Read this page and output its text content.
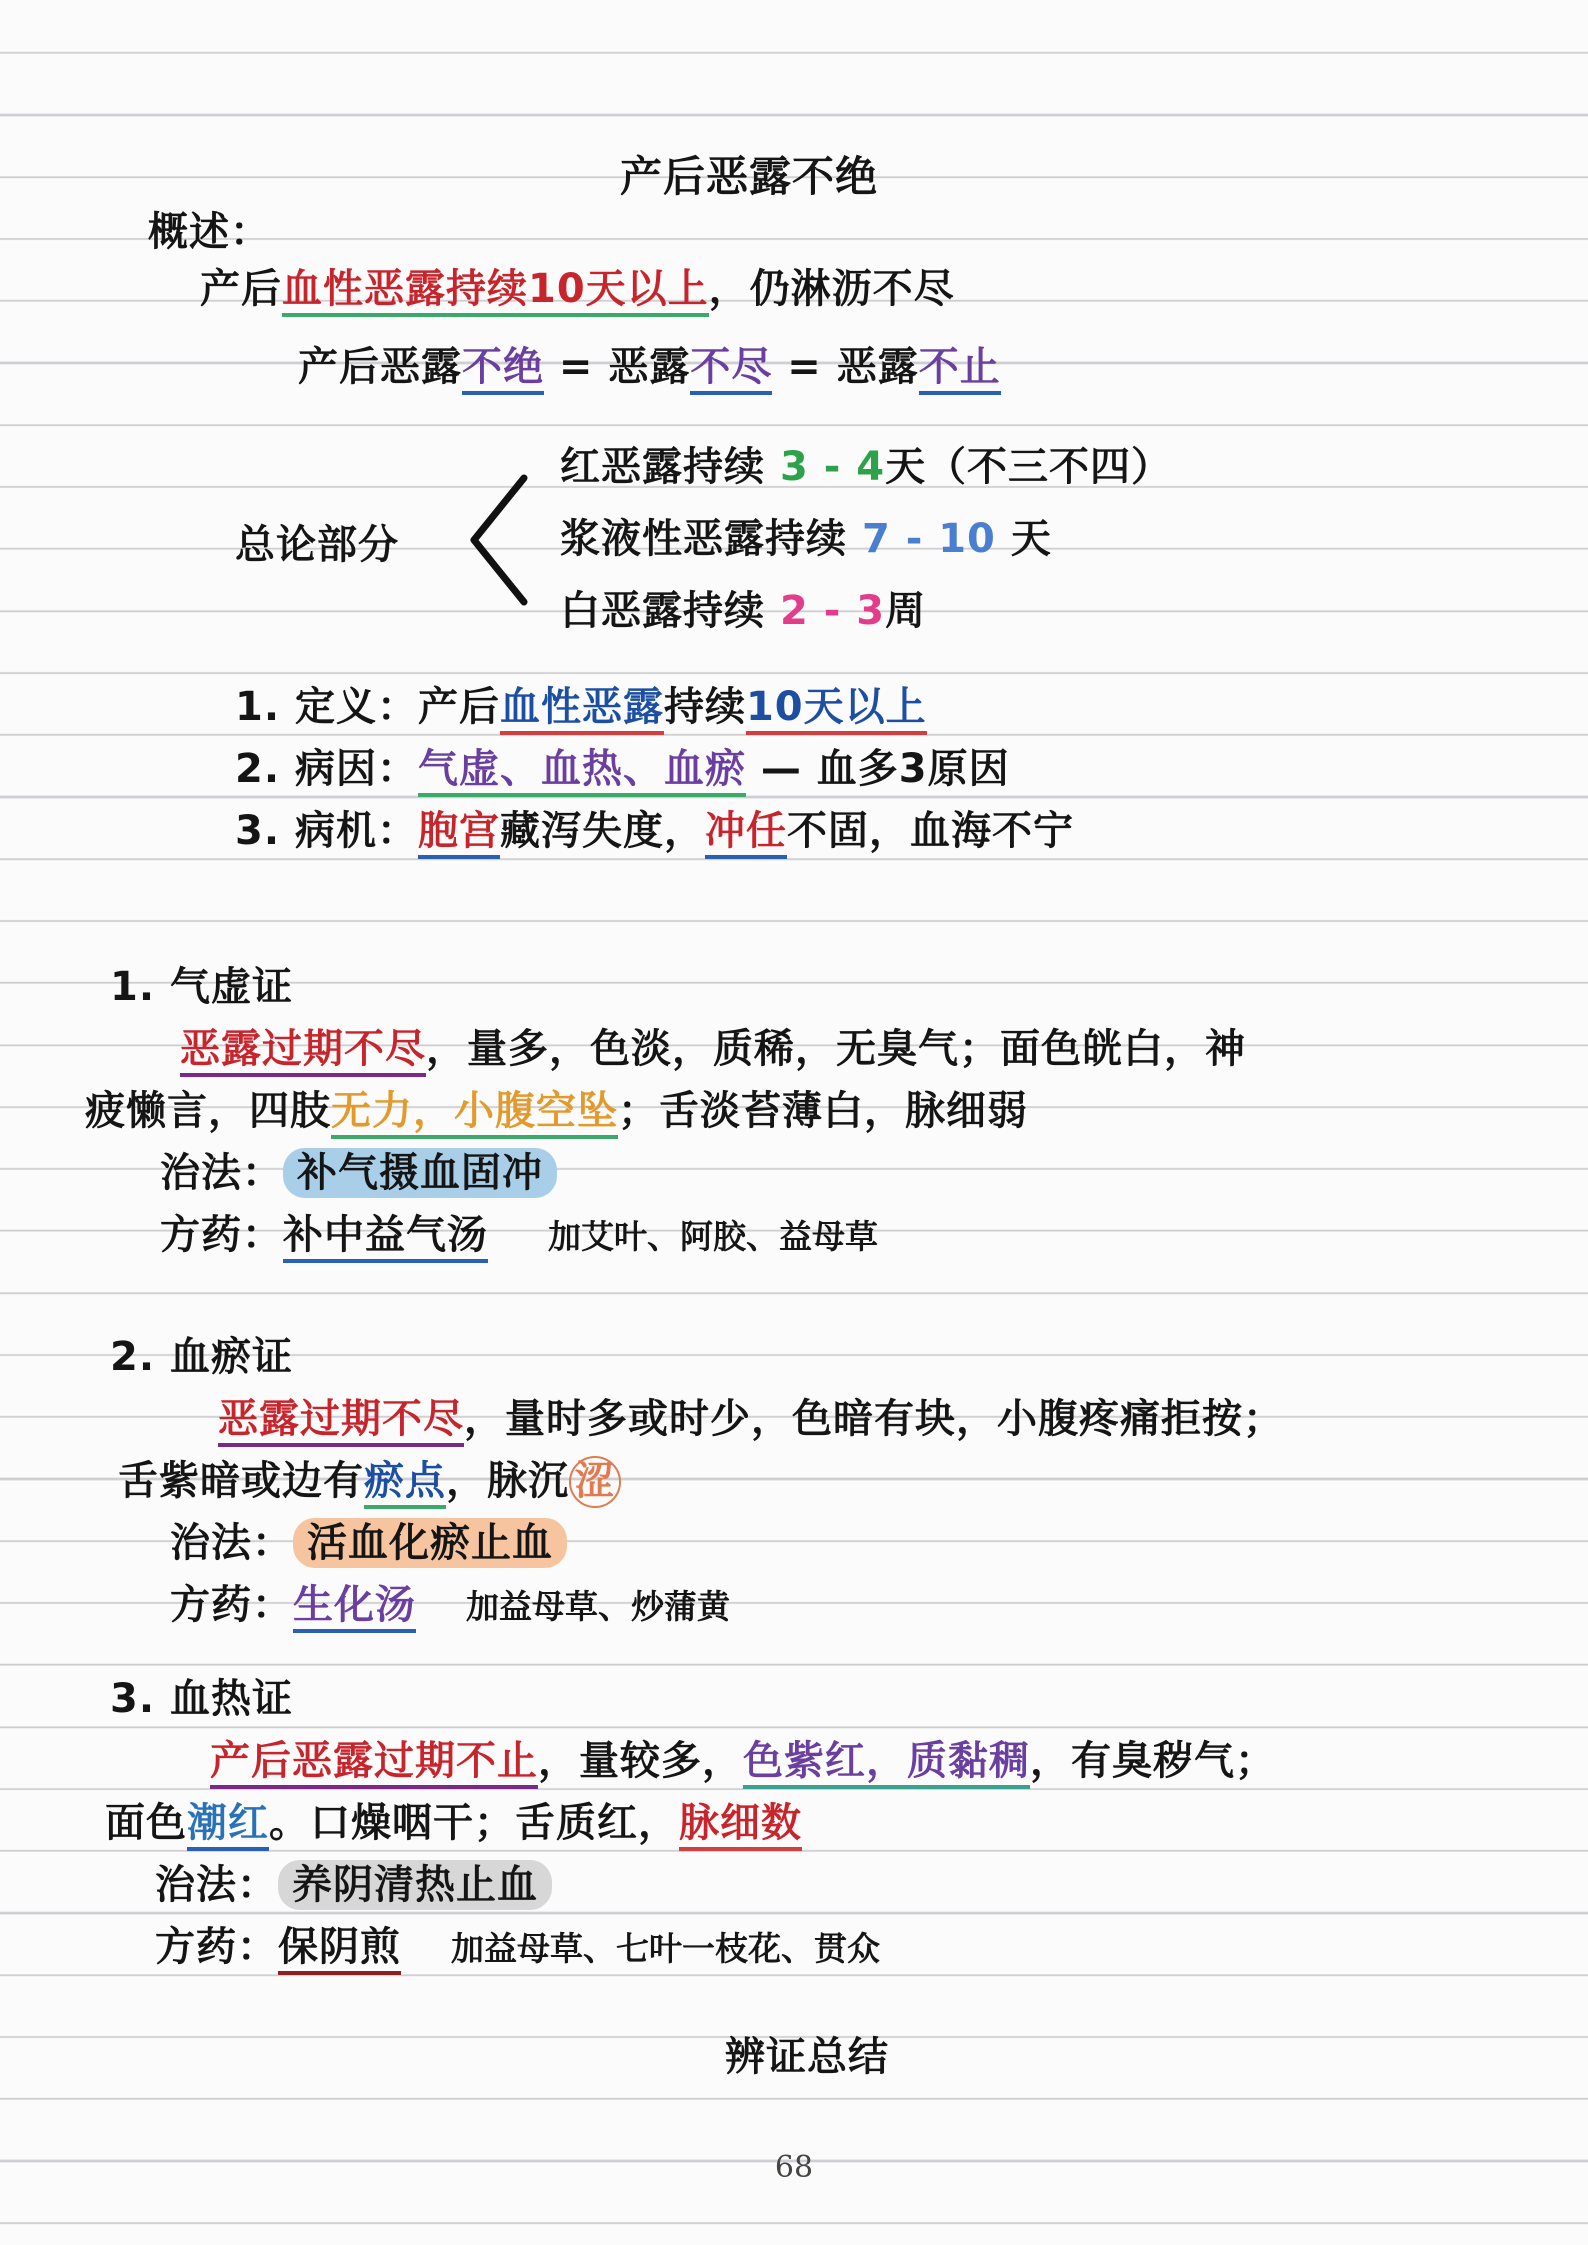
产后恶露不绝
概述：
产后血性恶露持续10天以上，仍淋沥不尽
产后恶露不绝 = 恶露不尽 = 恶露不止
总论部分
红恶露持续 3 - 4天（不三不四）
浆液性恶露持续 7 - 10 天
白恶露持续 2 - 3周
1. 定义：产后血性恶露持续10天以上
2. 病因：气虚、血热、血瘀 — 血多3原因
3. 病机：胞宫藏泻失度，冲任不固，血海不宁
1. 气虚证
恶露过期不尽，量多，色淡，质稀，无臭气；面色㿠白，神
疲懒言，四肢无力，小腹空坠；舌淡苔薄白，脉细弱
治法： 补气摄血固冲
方药：补中益气汤 加艾叶、阿胶、益母草
2. 血瘀证
恶露过期不尽，量时多或时少，色暗有块，小腹疼痛拒按；
舌紫暗或边有瘀点，脉沉 涩
治法： 活血化瘀止血
方药：生化汤 加益母草、炒蒲黄
3. 血热证
产后恶露过期不止，量较多，色紫红，质黏稠，有臭秽气；
面色潮红。口燥咽干；舌质红，脉细数
治法： 养阴清热止血
方药：保阴煎 加益母草、七叶一枝花、贯众
辨证总结
68
